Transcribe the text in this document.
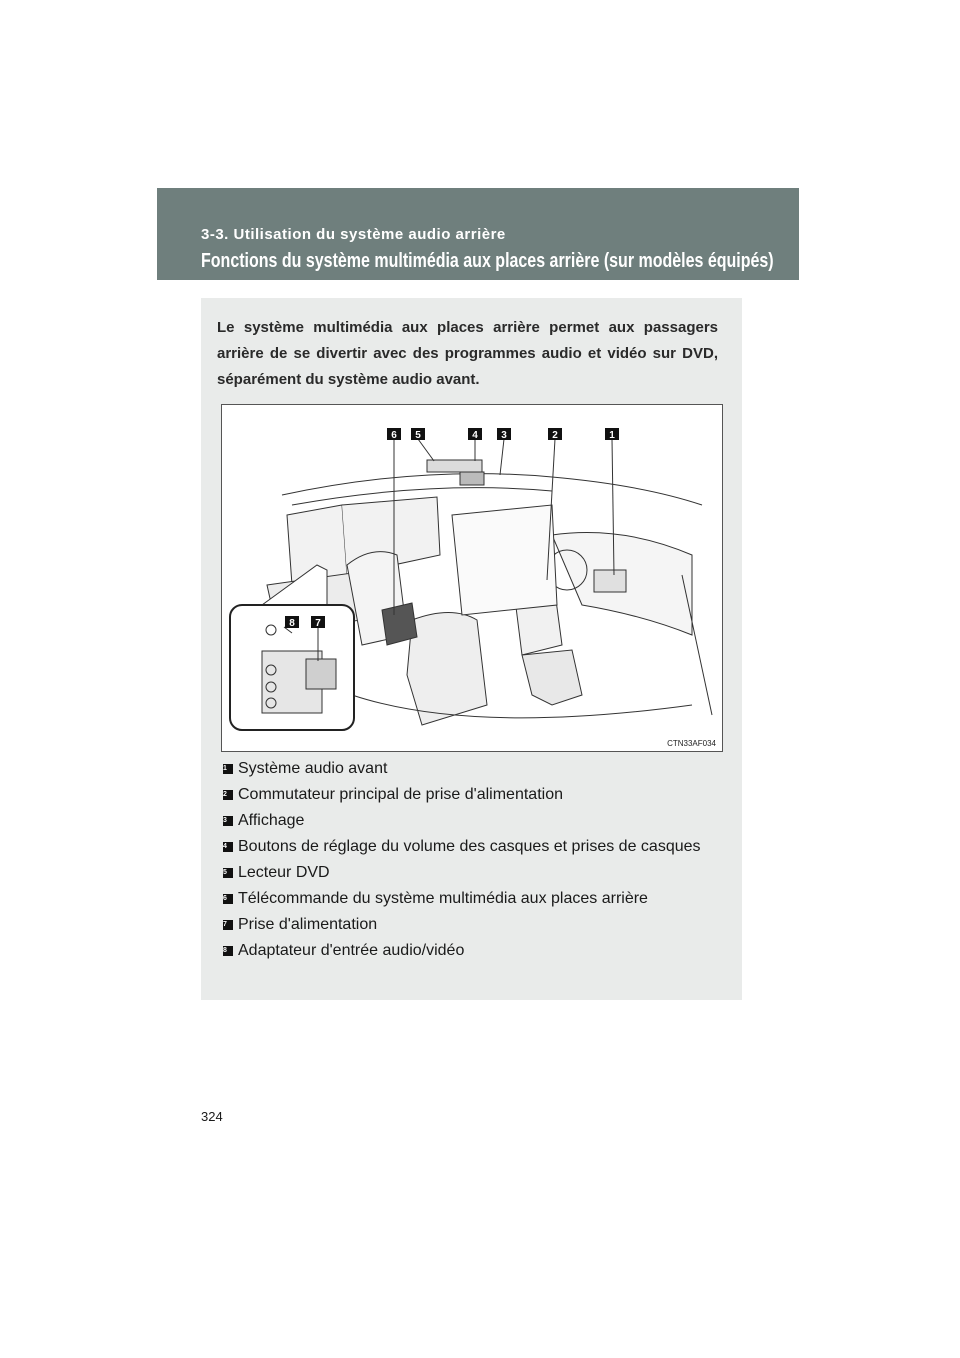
3-3. Utilisation du système audio arrière
Fonctions du système multimédia aux places arrière (sur modèles équipés)
Le système multimédia aux places arrière permet aux passagers arrière de se divertir avec des programmes audio et vidéo sur DVD, séparément du système audio avant.
6 5	4 3	2	1
8 7
CTN33AF034
1 Système audio avant
2 Commutateur principal de prise d'alimentation
3 Affichage
4 Boutons de réglage du volume des casques et prises de casques
5 Lecteur DVD
6 Télécommande du système multimédia aux places arrière
7 Prise d'alimentation
8 Adaptateur d'entrée audio/vidéo
324
